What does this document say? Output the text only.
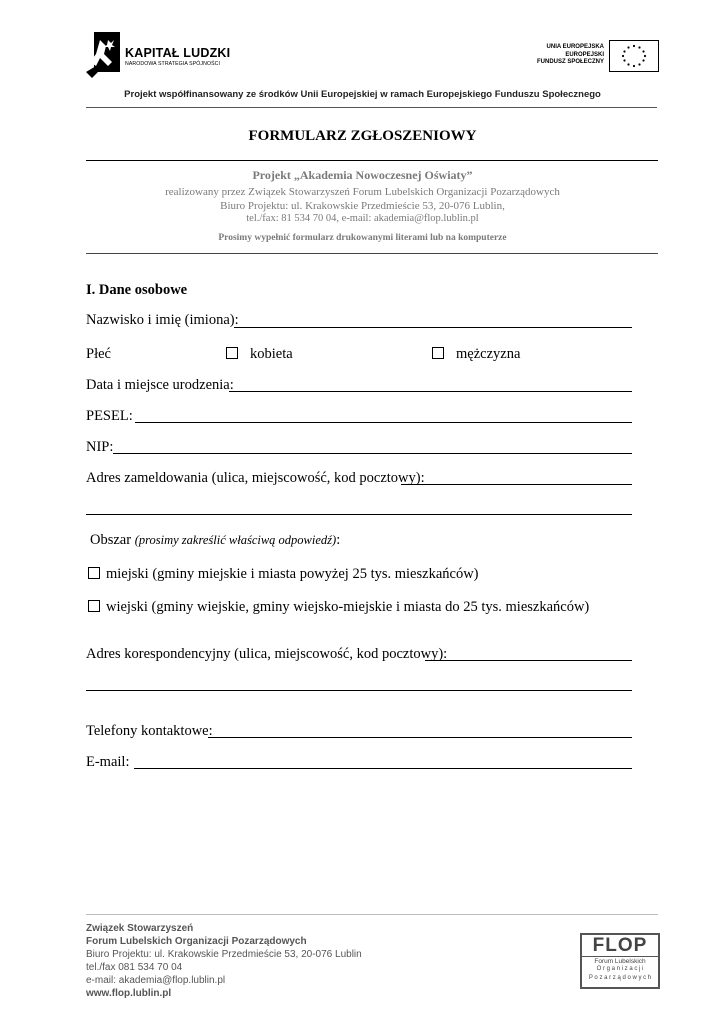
KAPITAŁ LUDZKI
NARODOWA STRATEGIA SPÓJNOŚCI
UNIA EUROPEJSKA
EUROPEJSKI
FUNDUSZ SPOŁECZNY
Projekt współfinansowany ze środków Unii Europejskiej w ramach Europejskiego Funduszu Społecznego
FORMULARZ ZGŁOSZENIOWY
Projekt „Akademia Nowoczesnej Oświaty”
realizowany przez Związek Stowarzyszeń Forum Lubelskich Organizacji Pozarządowych
Biuro Projektu: ul. Krakowskie Przedmieście 53, 20-076 Lublin,
tel./fax: 81 534 70 04, e-mail: akademia@flop.lublin.pl
Prosimy wypełnić formularz drukowanymi literami lub na komputerze
I. Dane osobowe
Nazwisko i imię (imiona):
Płeć	kobieta	mężczyzna
Data i miejsce urodzenia:
PESEL:
NIP:
Adres zameldowania (ulica, miejscowość, kod pocztowy):
Obszar (prosimy zakreślić właściwą odpowiedź):
miejski (gminy miejskie i miasta powyżej 25 tys. mieszkańców)
wiejski (gminy wiejskie, gminy wiejsko-miejskie i miasta do 25 tys. mieszkańców)
Adres korespondencyjny (ulica, miejscowość, kod pocztowy):
Telefony kontaktowe:
E-mail:
Związek Stowarzyszeń
Forum Lubelskich Organizacji Pozarządowych
Biuro Projektu: ul. Krakowskie Przedmieście 53, 20-076 Lublin
tel./fax 081 534 70 04
e-mail: akademia@flop.lublin.pl
www.flop.lublin.pl
FLOP
Forum Lubelskich
O r g a n i z a c j i
P o z a r z ą d o w y c h
